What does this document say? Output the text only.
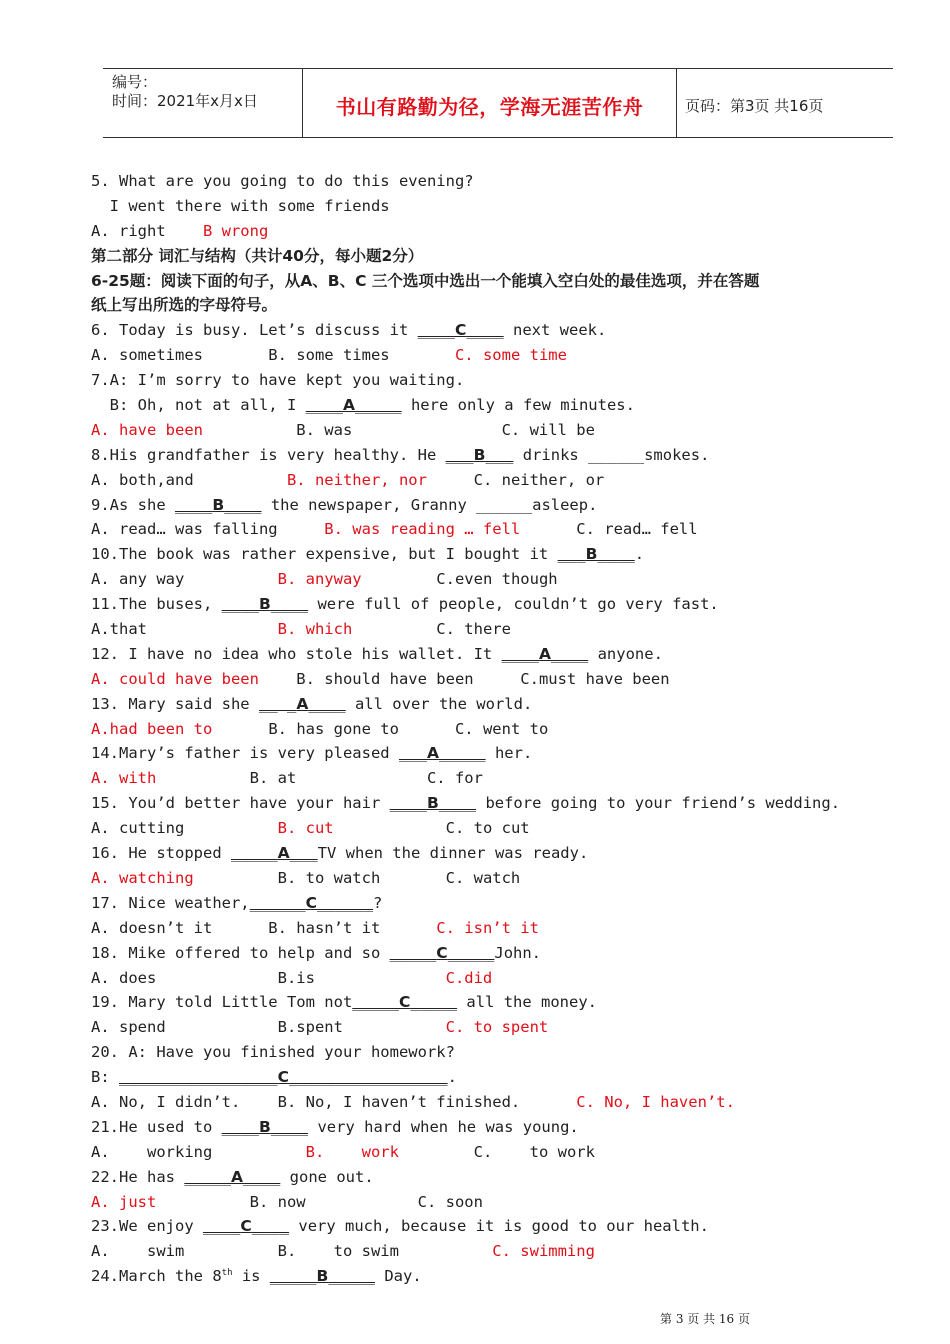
编号：
时间：2021年x月x日	书山有路勤为径，学海无涯苦作舟	页码：第3页 共16页
5. What are you going to do this evening?
I went there with some friends
A. right    B wrong
第二部分 词汇与结构（共计40分，每小题2分）
6-25题：阅读下面的句子，从A、B、C 三个选项中选出一个能填入空白处的最佳选项，并在答题
纸上写出所选的字母符号。
6. Today is busy. Let’s discuss it ____C____ next week.
A. sometimes       B. some times       C. some time
7.A: I’m sorry to have kept you waiting.
B: Oh, not at all, I ____A_____ here only a few minutes.
A. have been          B. was                C. will be
8.His grandfather is very healthy. He ___B___ drinks ______smokes.
A. both,and          B. neither, nor     C. neither, or
9.As she ____B____ the newspaper, Granny ______asleep.
A. read… was falling     B. was reading … fell      C. read… fell
10.The book was rather expensive, but I bought it ___B____.
A. any way          B. anyway        C.even though
11.The buses, ____B____ were full of people, couldn’t go very fast.
A.that              B. which         C. there
12. I have no idea who stole his wallet. It ____A____ anyone.
A. could have been    B. should have been     C.must have been
13. Mary said she __ _A____ all over the world.
A.had been to      B. has gone to      C. went to
14.Mary’s father is very pleased ___A_____ her.
A. with          B. at              C. for
15. You’d better have your hair ____B____ before going to your friend’s wedding.
A. cutting          B. cut            C. to cut
16. He stopped _____A___TV when the dinner was ready.
A. watching         B. to watch       C. watch
17. Nice weather,______C______?
A. doesn’t it      B. hasn’t it      C. isn’t it
18. Mike offered to help and so _____C_____John.
A. does             B.is              C.did
19. Mary told Little Tom not_____C_____ all the money.
A. spend            B.spent           C. to spent
20. A: Have you finished your homework?
B: _________________C_________________.
A. No, I didn’t.    B. No, I haven’t finished.      C. No, I haven’t.
21.He used to ____B____ very hard when he was young.
A.    working          B.    work        C.    to work
22.He has _____A____ gone out.
A. just          B. now            C. soon
23.We enjoy ____C____ very much, because it is good to our health.
A.    swim          B.    to swim          C. swimming
24.March the 8th is _____B_____ Day.
第 3 页 共 16 页
